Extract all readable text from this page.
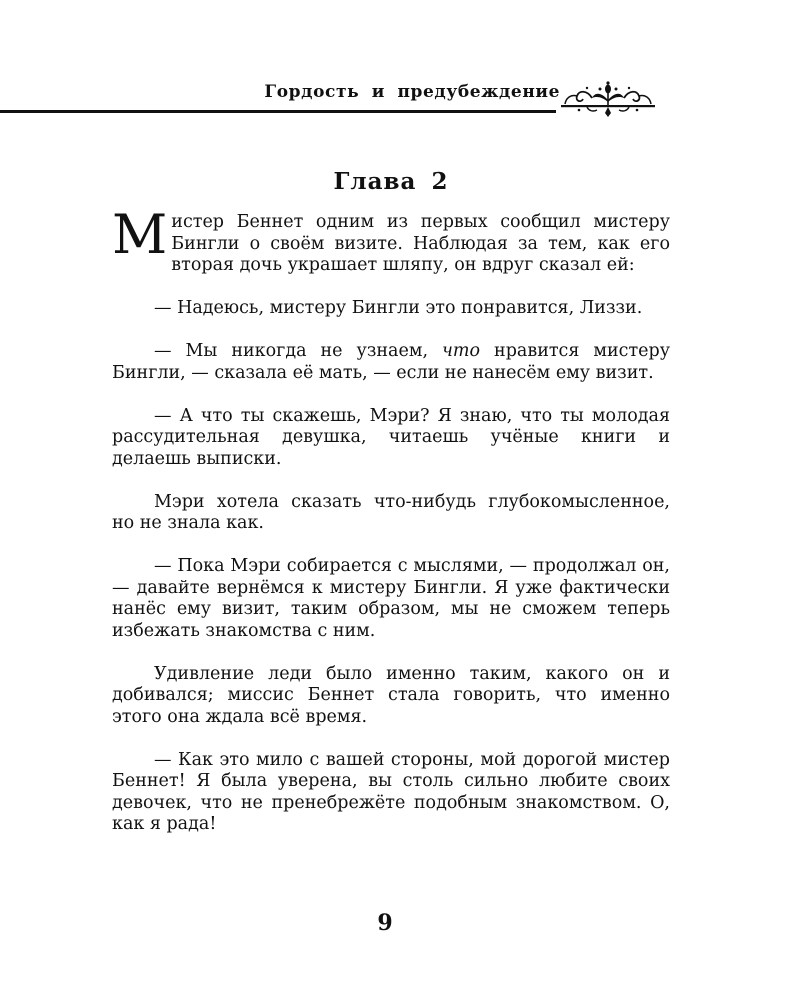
Гордость и предубеждение
Глава 2

Мистер Беннет одним из первых сообщил мистеру Бингли о своём визите. Наблюдая за тем, как его вторая дочь украшает шляпу, он вдруг сказал ей:

— Надеюсь, мистеру Бингли это понравится, Лиззи.

— Мы никогда не узнаем, что нравится мистеру Бингли, — сказала её мать, — если не нанесём ему визит.

— А что ты скажешь, Мэри? Я знаю, что ты молодая рассудительная девушка, читаешь учёные книги и делаешь выписки.

Мэри хотела сказать что-нибудь глубокомысленное, но не знала как.

— Пока Мэри собирается с мыслями, — продолжал он, — давайте вернёмся к мистеру Бингли. Я уже фактически нанёс ему визит, таким образом, мы не сможем теперь избежать знакомства с ним.

Удивление леди было именно таким, какого он и добивался; миссис Беннет стала говорить, что именно этого она ждала всё время.

— Как это мило с вашей стороны, мой дорогой мистер Беннет! Я была уверена, вы столь сильно любите своих девочек, что не пренебрежёте подобным знакомством. О, как я рада!

9
